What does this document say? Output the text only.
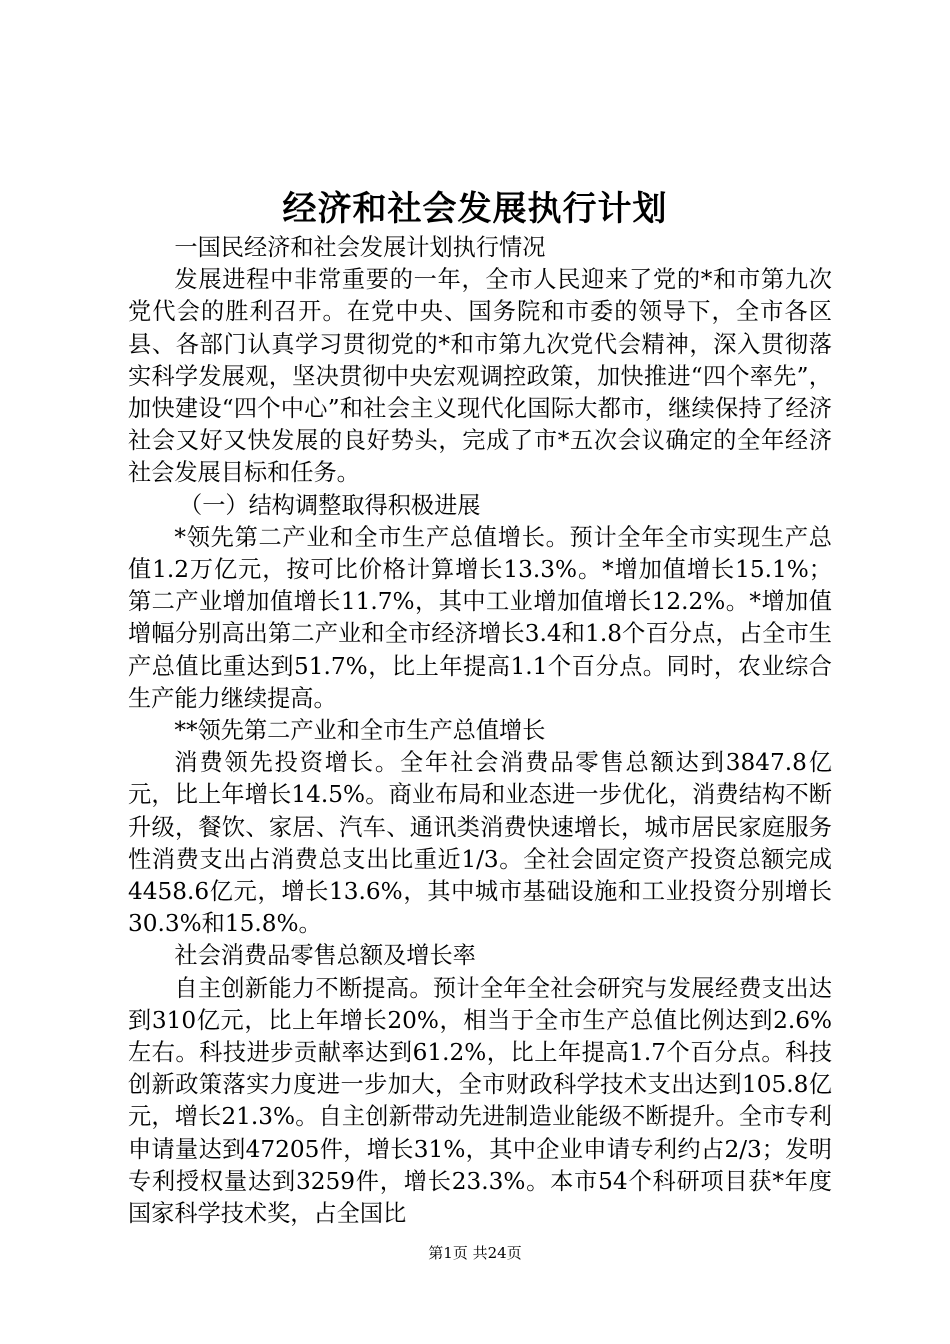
经济和社会发展执行计划

一国民经济和社会发展计划执行情况

发展进程中非常重要的一年，全市人民迎来了党的*和市第九次党代会的胜利召开。在党中央、国务院和市委的领导下，全市各区县、各部门认真学习贯彻党的*和市第九次党代会精神，深入贯彻落实科学发展观，坚决贯彻中央宏观调控政策，加快推进“四个率先”，加快建设“四个中心”和社会主义现代化国际大都市，继续保持了经济社会又好又快发展的良好势头，完成了市*五次会议确定的全年经济社会发展目标和任务。

（一）结构调整取得积极进展

*领先第二产业和全市生产总值增长。预计全年全市实现生产总值1.2万亿元，按可比价格计算增长13.3%。*增加值增长15.1%；第二产业增加值增长11.7%，其中工业增加值增长12.2%。*增加值增幅分别高出第二产业和全市经济增长3.4和1.8个百分点，占全市生产总值比重达到51.7%，比上年提高1.1个百分点。同时，农业综合生产能力继续提高。

**领先第二产业和全市生产总值增长

消费领先投资增长。全年社会消费品零售总额达到3847.8亿元，比上年增长14.5%。商业布局和业态进一步优化，消费结构不断升级，餐饮、家居、汽车、通讯类消费快速增长，城市居民家庭服务性消费支出占消费总支出比重近1/3。全社会固定资产投资总额完成4458.6亿元，增长13.6%，其中城市基础设施和工业投资分别增长30.3%和15.8%。

社会消费品零售总额及增长率

自主创新能力不断提高。预计全年全社会研究与发展经费支出达到310亿元，比上年增长20%，相当于全市生产总值比例达到2.6%左右。科技进步贡献率达到61.2%，比上年提高1.7个百分点。科技创新政策落实力度进一步加大，全市财政科学技术支出达到105.8亿元，增长21.3%。自主创新带动先进制造业能级不断提升。全市专利申请量达到47205件，增长31%，其中企业申请专利约占2/3；发明专利授权量达到3259件，增长23.3%。本市54个科研项目获*年度国家科学技术奖，占全国比

第1页 共24页
